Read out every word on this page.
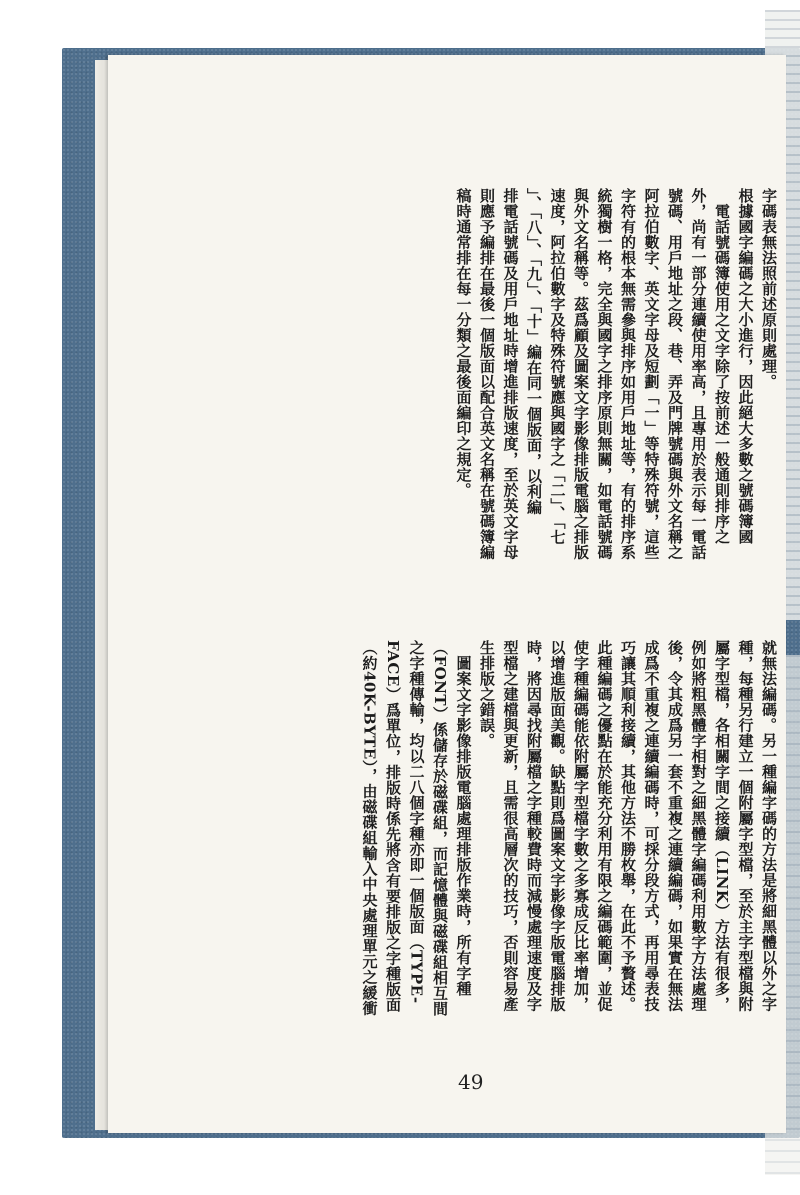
字碼表無法照前述原則處理。
根據國字編碼之大小進行，因此絕大多數之號碼簿國
　電話號碼簿使用之文字除了按前述一般通則排序之
外，尚有一部分連續使用率高，且專用於表示每一電話
號碼、用戶地址之段、巷、弄及門牌號碼與外文名稱之
阿拉伯數字、英文字母及短劃「一」等特殊符號，這些
字符有的根本無需參與排序如用戶地址等，有的排序系
統獨樹一格，完全與國字之排序原則無關，如電話號碼
與外文名稱等。茲爲顧及圖案文字影像排版電腦之排版
速度，阿拉伯數字及特殊符號應與國字之「二」、「七
」、「八」、「九」、「十」編在同一個版面，以利編
排電話號碼及用戶地址時增進排版速度，至於英文字母
則應予編排在最後一個版面以配合英文名稱在號碼簿編
稿時通常排在每一分類之最後面編印之規定。
就無法編碼。另一種編字碼的方法是將細黑體以外之字
種，每種另行建立一個附屬字型檔，至於主字型檔與附
屬字型檔，各相關字間之接續（LINK）方法有很多，
例如將粗黑體字相對之細黑體字編碼利用數字方法處理
後，令其成爲另一套不重複之連續編碼，如果實在無法
成爲不重複之連續編碼時，可採分段方式，再用尋表技
巧讓其順利接續，其他方法不勝枚舉，在此不予贅述。
此種編碼之優點在於能充分利用有限之編碼範圍，並促
使字種編碼能依附屬字型檔字數之多寡成反比率增加，
以增進版面美觀。缺點則爲圖案文字影像字版電腦排版
時，將因尋找附屬檔之字種較費時而減慢處理速度及字
型檔之建檔與更新，且需很高層次的技巧，否則容易產
生排版之錯誤。
　圖案文字影像排版電腦處理排版作業時，所有字種
（FONT）係儲存於磁碟組，而記憶體與磁碟組相互間
之字種傳輸，均以二八個字種亦即一個版面（TYPE-
FACE）爲單位，排版時係先將含有要排版之字種版面
（約40K-BYTE），由磁碟組輸入中央處理單元之緩衝
49
